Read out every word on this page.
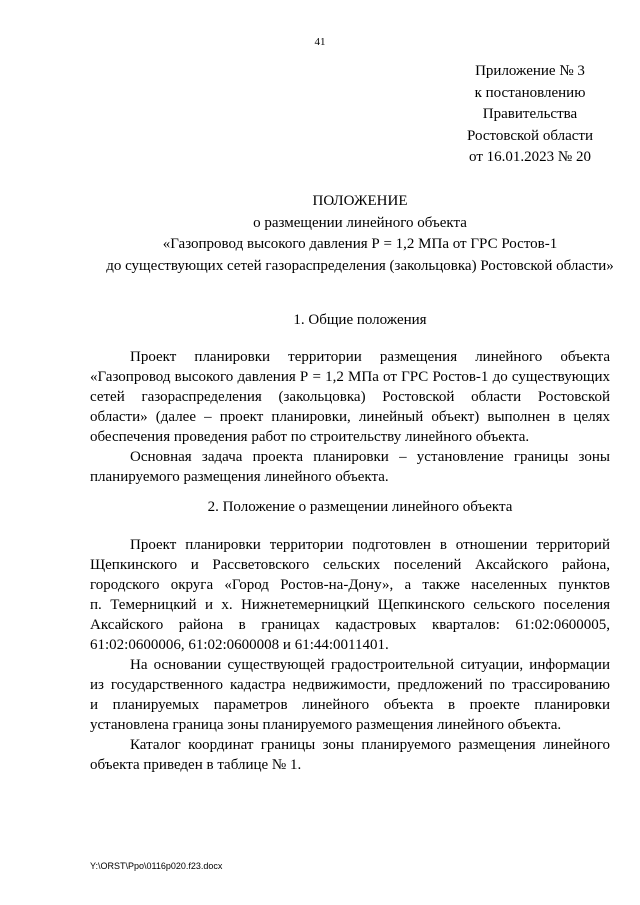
41
Приложение № 3
к постановлению
Правительства
Ростовской области
от 16.01.2023 № 20
ПОЛОЖЕНИЕ
о размещении линейного объекта
«Газопровод высокого давления Р = 1,2 МПа от ГРС Ростов-1
до существующих сетей газораспределения (закольцовка) Ростовской области»
1. Общие положения
Проект планировки территории размещения линейного объекта
«Газопровод высокого давления Р = 1,2 МПа от ГРС Ростов-1 до существующих
сетей газораспределения (закольцовка) Ростовской области Ростовской
области» (далее – проект планировки, линейный объект) выполнен в целях
обеспечения проведения работ по строительству линейного объекта.
Основная задача проекта планировки – установление границы зоны
планируемого размещения линейного объекта.
2. Положение о размещении линейного объекта
Проект планировки территории подготовлен в отношении территорий
Щепкинского и Рассветовского сельских поселений Аксайского района,
городского округа «Город Ростов-на-Дону», а также населенных пунктов
п. Темерницкий и х. Нижнетемерницкий Щепкинского сельского поселения
Аксайского района в границах кадастровых кварталов: 61:02:0600005,
61:02:0600006, 61:02:0600008 и 61:44:0011401.
На основании существующей градостроительной ситуации, информации
из государственного кадастра недвижимости, предложений по трассированию
и планируемых параметров линейного объекта в проекте планировки
установлена граница зоны планируемого размещения линейного объекта.
Каталог координат границы зоны планируемого размещения линейного
объекта приведен в таблице № 1.
Y:\ORST\Ppo\0116p020.f23.docx
